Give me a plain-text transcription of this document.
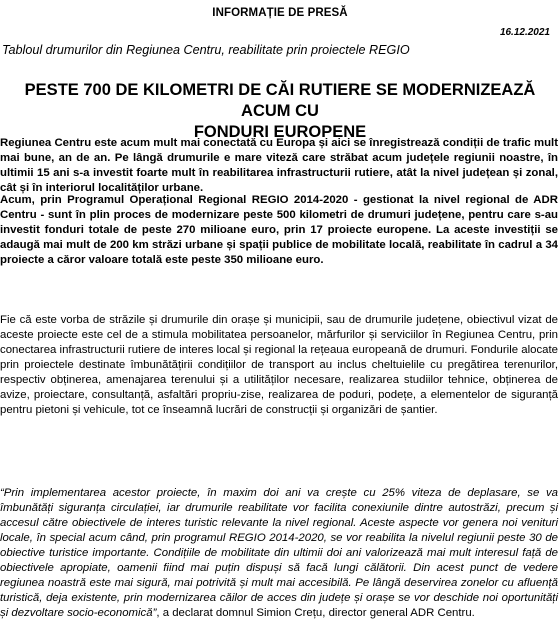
INFORMAȚIE DE PRESĂ
16.12.2021
Tabloul drumurilor din Regiunea Centru, reabilitate prin proiectele REGIO
PESTE 700 DE KILOMETRI DE CĂI RUTIERE SE MODERNIZEAZĂ ACUM CU
FONDURI EUROPENE

Regiunea Centru este acum mult mai conectată cu Europa și aici se înregistrează condiții de trafic mult mai bune, an de an. Pe lângă drumurile e mare viteză care străbat acum județele regiunii noastre, în ultimii 15 ani s-a investit foarte mult în reabilitarea infrastructurii rutiere, atât la nivel județean și zonal, cât și în interiorul localităților urbane.

Acum, prin Programul Operațional Regional REGIO 2014-2020 - gestionat la nivel regional de ADR Centru - sunt în plin proces de modernizare peste 500 kilometri de drumuri județene, pentru care s-au investit fonduri totale de peste 270 milioane euro, prin 17 proiecte europene. La aceste investiții se adaugă mai mult de 200 km străzi urbane și spații publice de mobilitate locală, reabilitate în cadrul a 34 proiecte a căror valoare totală este peste 350 milioane euro.

Fie că este vorba de străzile și drumurile din orașe și municipii, sau de drumurile județene, obiectivul vizat de aceste proiecte este cel de a stimula mobilitatea persoanelor, mărfurilor și serviciilor în Regiunea Centru, prin conectarea infrastructurii rutiere de interes local și regional la rețeaua europeană de drumuri. Fondurile alocate prin proiectele destinate îmbunătățirii condițiilor de transport au inclus cheltuielile cu pregătirea terenurilor, respectiv obținerea, amenajarea terenului și a utilităților necesare, realizarea studiilor tehnice, obținerea de avize, proiectare, consultanță, asfaltări propriu-zise, realizarea de poduri, podețe, a elementelor de siguranță pentru pietoni și vehicule, tot ce înseamnă lucrări de construcții și organizări de șantier.

“Prin implementarea acestor proiecte, în maxim doi ani va crește cu 25% viteza de deplasare, se va îmbunătăți siguranța circulației, iar drumurile reabilitate vor facilita conexiunile dintre autostrăzi, precum și accesul către obiectivele de interes turistic relevante la nivel regional. Aceste aspecte vor genera noi venituri locale, în special acum când, prin programul REGIO 2014-2020, se vor reabilita la nivelul regiunii peste 30 de obiective turistice importante. Condițiile de mobilitate din ultimii doi ani valorizează mai mult interesul față de obiectivele apropiate, oamenii fiind mai puțin dispuși să facă lungi călătorii. Din acest punct de vedere regiunea noastră este mai sigură, mai potrivită și mult mai accesibilă. Pe lângă deservirea zonelor cu afluență turistică, deja existente, prin modernizarea căilor de acces din județe și orașe se vor deschide noi oportunități și dezvoltare socio-economică”, a declarat domnul Simion Crețu, director general ADR Centru.
